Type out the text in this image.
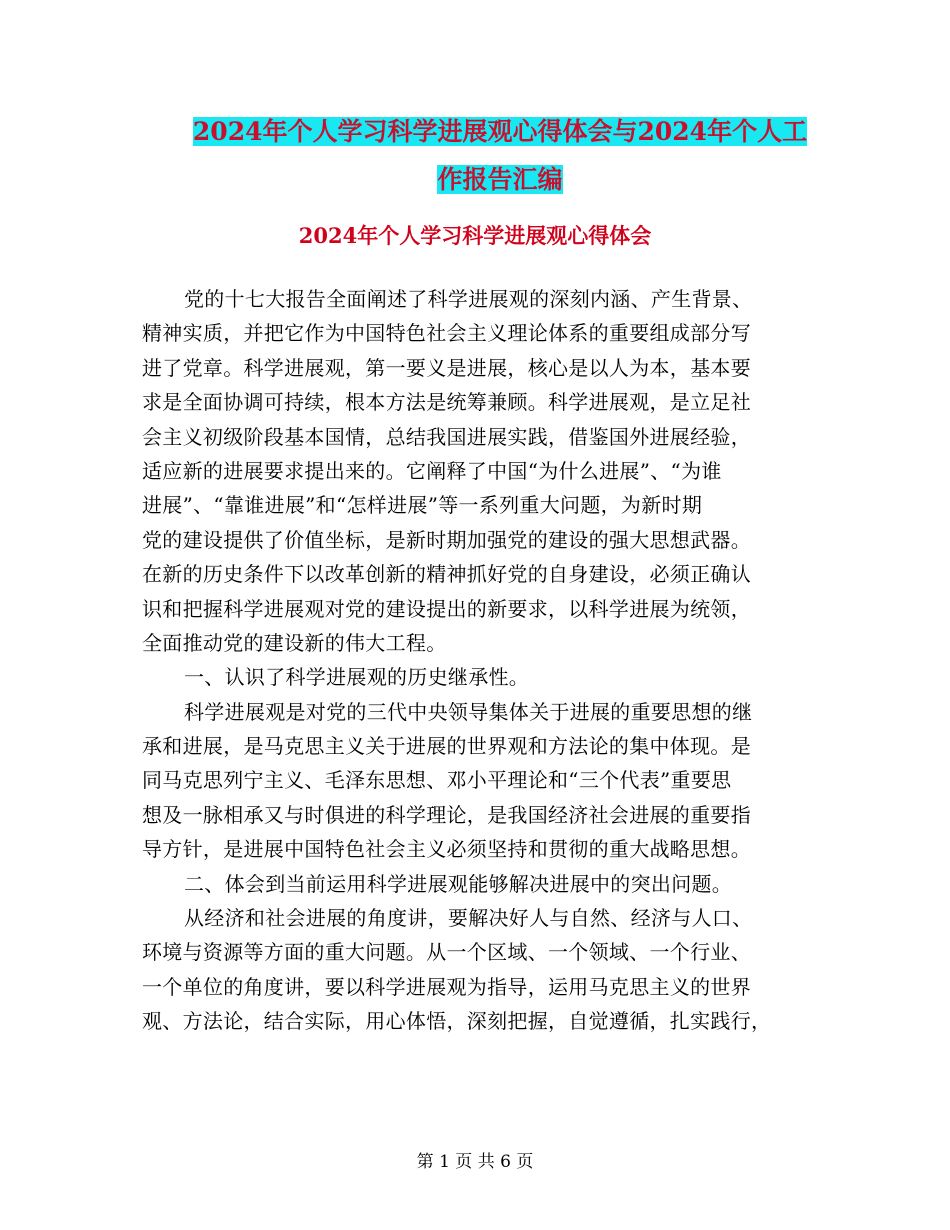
2024年个人学习科学进展观心得体会与2024年个人工
作报告汇编
2024年个人学习科学进展观心得体会
党的十七大报告全面阐述了科学进展观的深刻内涵、产生背景、
精神实质，并把它作为中国特色社会主义理论体系的重要组成部分写
进了党章。科学进展观，第一要义是进展，核心是以人为本，基本要
求是全面协调可持续，根本方法是统筹兼顾。科学进展观，是立足社
会主义初级阶段基本国情，总结我国进展实践，借鉴国外进展经验，
适应新的进展要求提出来的。它阐释了中国“为什么进展”、“为谁
进展”、“靠谁进展”和“怎样进展”等一系列重大问题，为新时期
党的建设提供了价值坐标，是新时期加强党的建设的强大思想武器。
在新的历史条件下以改革创新的精神抓好党的自身建设，必须正确认
识和把握科学进展观对党的建设提出的新要求，以科学进展为统领，
全面推动党的建设新的伟大工程。
一、认识了科学进展观的历史继承性。
科学进展观是对党的三代中央领导集体关于进展的重要思想的继
承和进展，是马克思主义关于进展的世界观和方法论的集中体现。是
同马克思列宁主义、毛泽东思想、邓小平理论和“三个代表”重要思
想及一脉相承又与时俱进的科学理论，是我国经济社会进展的重要指
导方针，是进展中国特色社会主义必须坚持和贯彻的重大战略思想。
二、体会到当前运用科学进展观能够解决进展中的突出问题。
从经济和社会进展的角度讲，要解决好人与自然、经济与人口、
环境与资源等方面的重大问题。从一个区域、一个领域、一个行业、
一个单位的角度讲，要以科学进展观为指导，运用马克思主义的世界
观、方法论，结合实际，用心体悟，深刻把握，自觉遵循，扎实践行，
第 1 页 共 6 页
